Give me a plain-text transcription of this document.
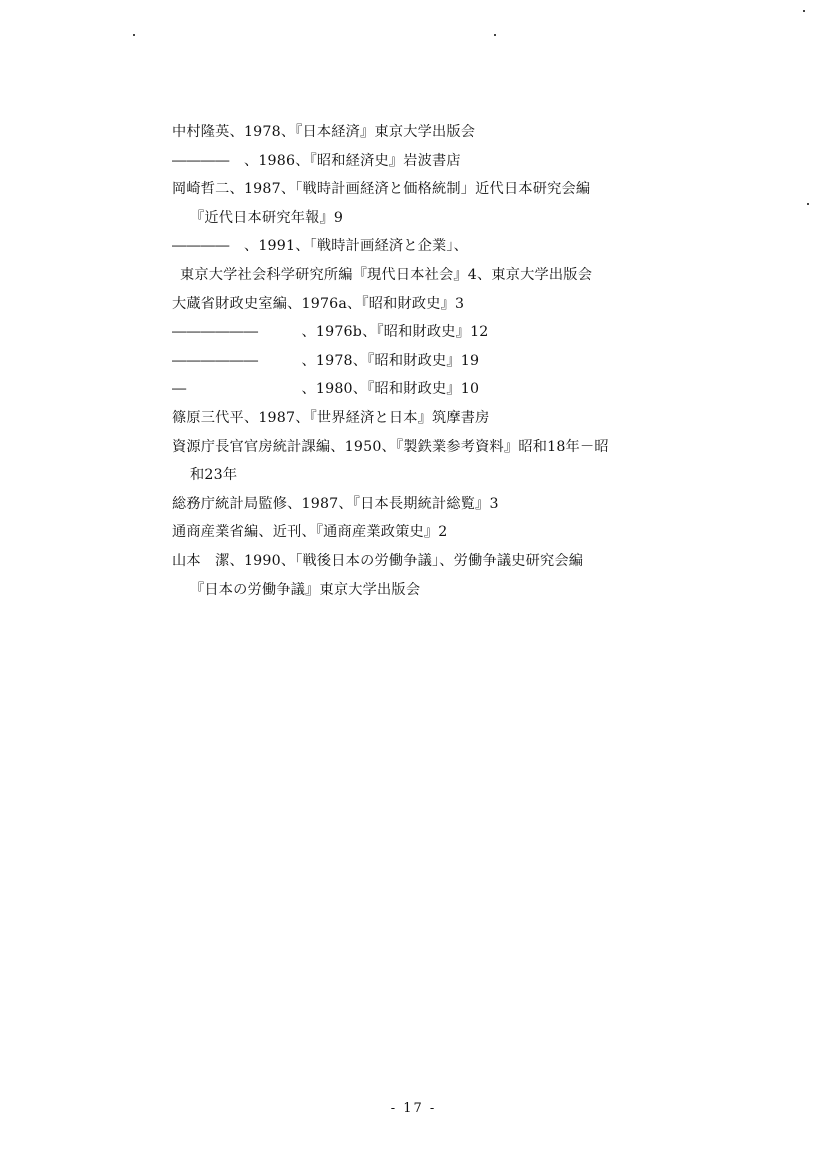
中村隆英、1978、『日本経済』東京大学出版会
――――　、1986、『昭和経済史』岩波書店
岡崎哲二、1987、「戦時計画経済と価格統制」近代日本研究会編
『近代日本研究年報』9
――――　、1991、「戦時計画経済と企業」、
東京大学社会科学研究所編『現代日本社会』4、東京大学出版会
大蔵省財政史室編、1976a、『昭和財政史』3
――――――　　　、1976b、『昭和財政史』12
――――――　　　、1978、『昭和財政史』19
―　　　　　　　　、1980、『昭和財政史』10
篠原三代平、1987、『世界経済と日本』筑摩書房
資源庁長官官房統計課編、1950、『製鉄業参考資料』昭和18年－昭
和23年
総務庁統計局監修、1987、『日本長期統計総覧』3
通商産業省編、近刊、『通商産業政策史』2
山本　潔、1990、「戦後日本の労働争議」、労働争議史研究会編
『日本の労働争議』東京大学出版会
- 17 -
